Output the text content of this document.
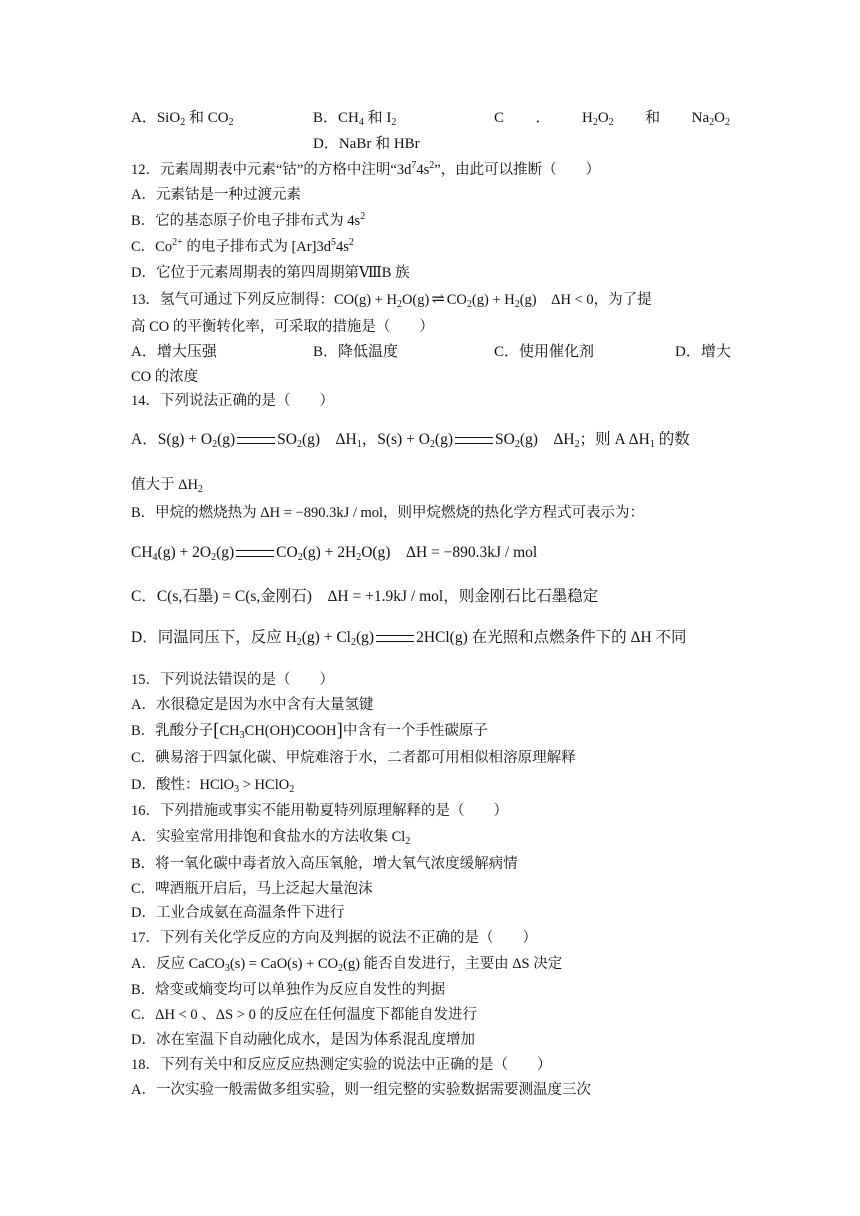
A．SiO$_2$ 和 $CO_2$	B．$CH_4$ 和 $I_2$	C ． $H_2O_2$ 和 $Na_2O_2$
D．NaBr 和 HBr
12．元素周期表中元素“钴”的方格中注明“$3d^74s^2$”，由此可以推断（　　）
A．元素钴是一种过渡元素
B．它的基态原子价电子排布式为 $4s^2$
C．$Co^{2+}$ 的电子排布式为 $[Ar]3d^54s^2$
D．它位于元素周期表的第四周期第ⅧB 族
13．氢气可通过下列反应制得：$CO(g) + H_2O(g)$ ⇌ $CO_2(g) + H_2(g)$　ΔH < 0，为了提
高 CO 的平衡转化率，可采取的措施是（　　）
A．增大压强	B．降低温度	C．使用催化剂	D．增大
CO 的浓度
14．下列说法正确的是（　　）
A．$S(g) + O_2(g)$	$SO_2(g)$　$\Delta H_1$，$S(s) + O_2(g)$	$SO_2(g)$　$\Delta H_2$；则 A $\Delta H_1$ 的数
值大于 $\Delta H_2$
B．甲烷的燃烧热为 ΔH = −890.3kJ / mol，则甲烷燃烧的热化学方程式可表示为：
$CH_4(g) + 2O_2(g)$	$CO_2(g) + 2H_2O(g)$　ΔH = −890.3kJ / mol
C．C(s,石墨) = C(s,金刚石)　ΔH = +1.9kJ / mol，则金刚石比石墨稳定
D．同温同压下，反应 $H_2(g) + Cl_2(g)$	2HCl(g) 在光照和点燃条件下的 ΔH 不同
15．下列说法错误的是（　　）
A．水很稳定是因为水中含有大量氢键
B．乳酸分子$[CH_3CH(OH)COOH]$中含有一个手性碳原子
C．碘易溶于四氯化碳、甲烷难溶于水，二者都可用相似相溶原理解释
D．酸性：HClO$_3$ > HClO$_2$
16．下列措施或事实不能用勒夏特列原理解释的是（　　）
A．实验室常用排饱和食盐水的方法收集 $Cl_2$
B．将一氧化碳中毒者放入高压氧舱，增大氧气浓度缓解病情
C．啤酒瓶开启后，马上泛起大量泡沫
D．工业合成氨在高温条件下进行
17．下列有关化学反应的方向及判据的说法不正确的是（　　）
A．反应 CaCO$_3$(s) = $CaO(s) + CO_2(g)$ 能否自发进行，主要由 ΔS 决定
B．焓变或熵变均可以单独作为反应自发性的判据
C．ΔH < 0 、ΔS > 0 的反应在任何温度下都能自发进行
D．冰在室温下自动融化成水，是因为体系混乱度增加
18．下列有关中和反应反应热测定实验的说法中正确的是（　　）
A．一次实验一般需做多组实验，则一组完整的实验数据需要测温度三次
